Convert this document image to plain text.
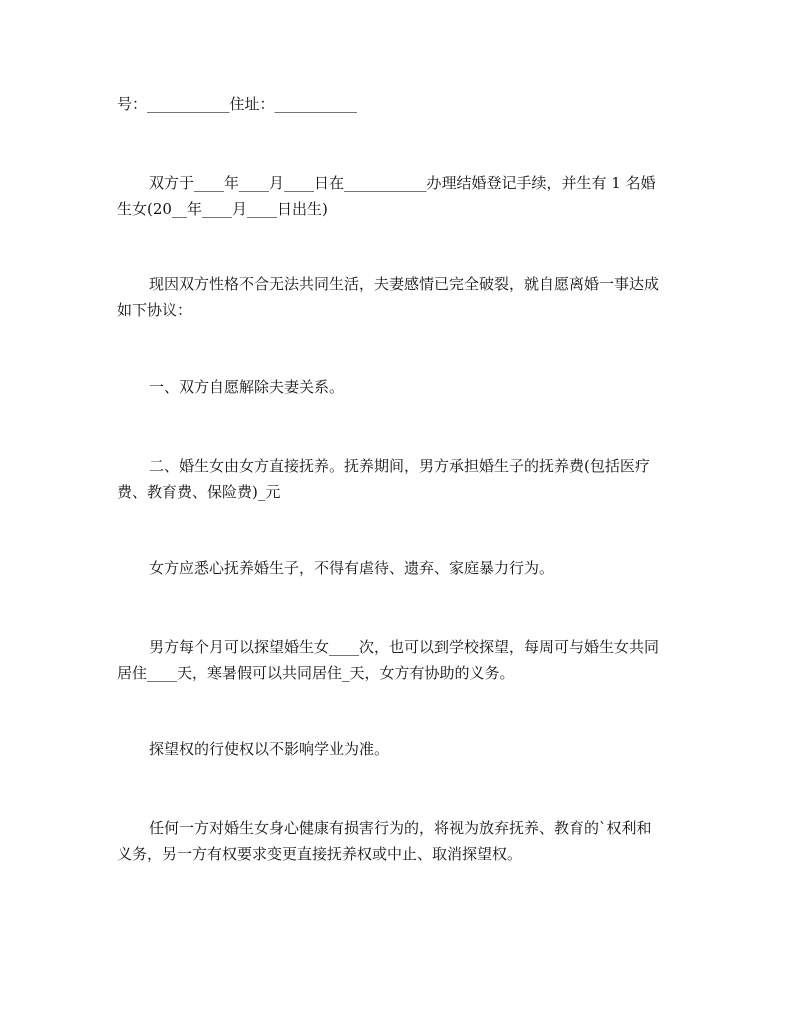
号：___________住址：___________

双方于____年____月____日在___________办理结婚登记手续，并生有 1 名婚
生女(20__年____月____日出生)

现因双方性格不合无法共同生活，夫妻感情已完全破裂，就自愿离婚一事达成
如下协议：

一、双方自愿解除夫妻关系。

二、婚生女由女方直接抚养。抚养期间，男方承担婚生子的抚养费(包括医疗
费、教育费、保险费)_元

女方应悉心抚养婚生子，不得有虐待、遗弃、家庭暴力行为。

男方每个月可以探望婚生女____次，也可以到学校探望，每周可与婚生女共同
居住____天，寒暑假可以共同居住_天，女方有协助的义务。

探望权的行使权以不影响学业为准。

任何一方对婚生女身心健康有损害行为的，将视为放弃抚养、教育的`权利和
义务，另一方有权要求变更直接抚养权或中止、取消探望权。
